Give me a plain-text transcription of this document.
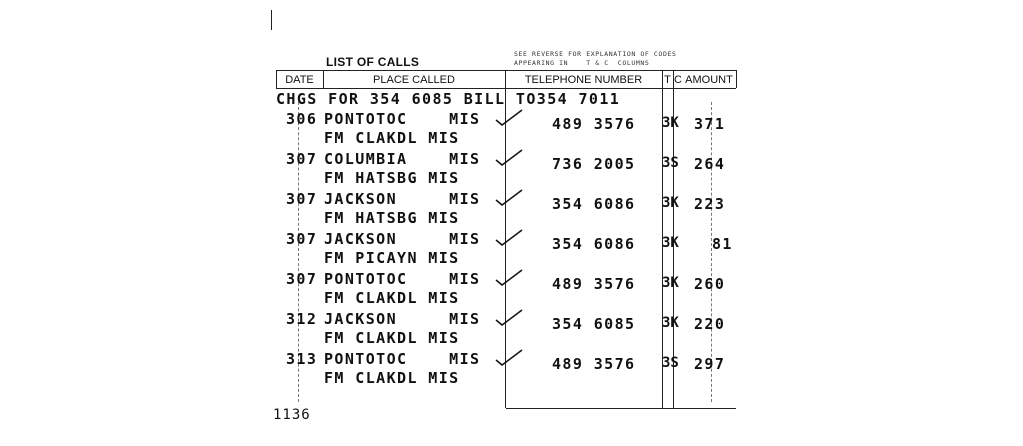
LIST OF CALLS
SEE REVERSE FOR EXPLANATION OF CODES
APPEARING IN    T & C  COLUMNS
DATE	PLACE CALLED	TELEPHONE NUMBER	T C AMOUNT
CHGS FOR 354 6085 BILL TO354 7011
306 PONTOTOC    MIS
FM CLAKDL MIS
489 3576 3K 371
307 COLUMBIA    MIS
FM HATSBG MIS
736 2005 3S 264
307 JACKSON     MIS
FM HATSBG MIS
354 6086 3K 223
307 JACKSON     MIS
FM PICAYN MIS
354 6086 3K 81
307 PONTOTOC    MIS
FM CLAKDL MIS
489 3576 3K 260
312 JACKSON     MIS
FM CLAKDL MIS
354 6085 3K 220
313 PONTOTOC    MIS
FM CLAKDL MIS
489 3576 3S 297
1136
